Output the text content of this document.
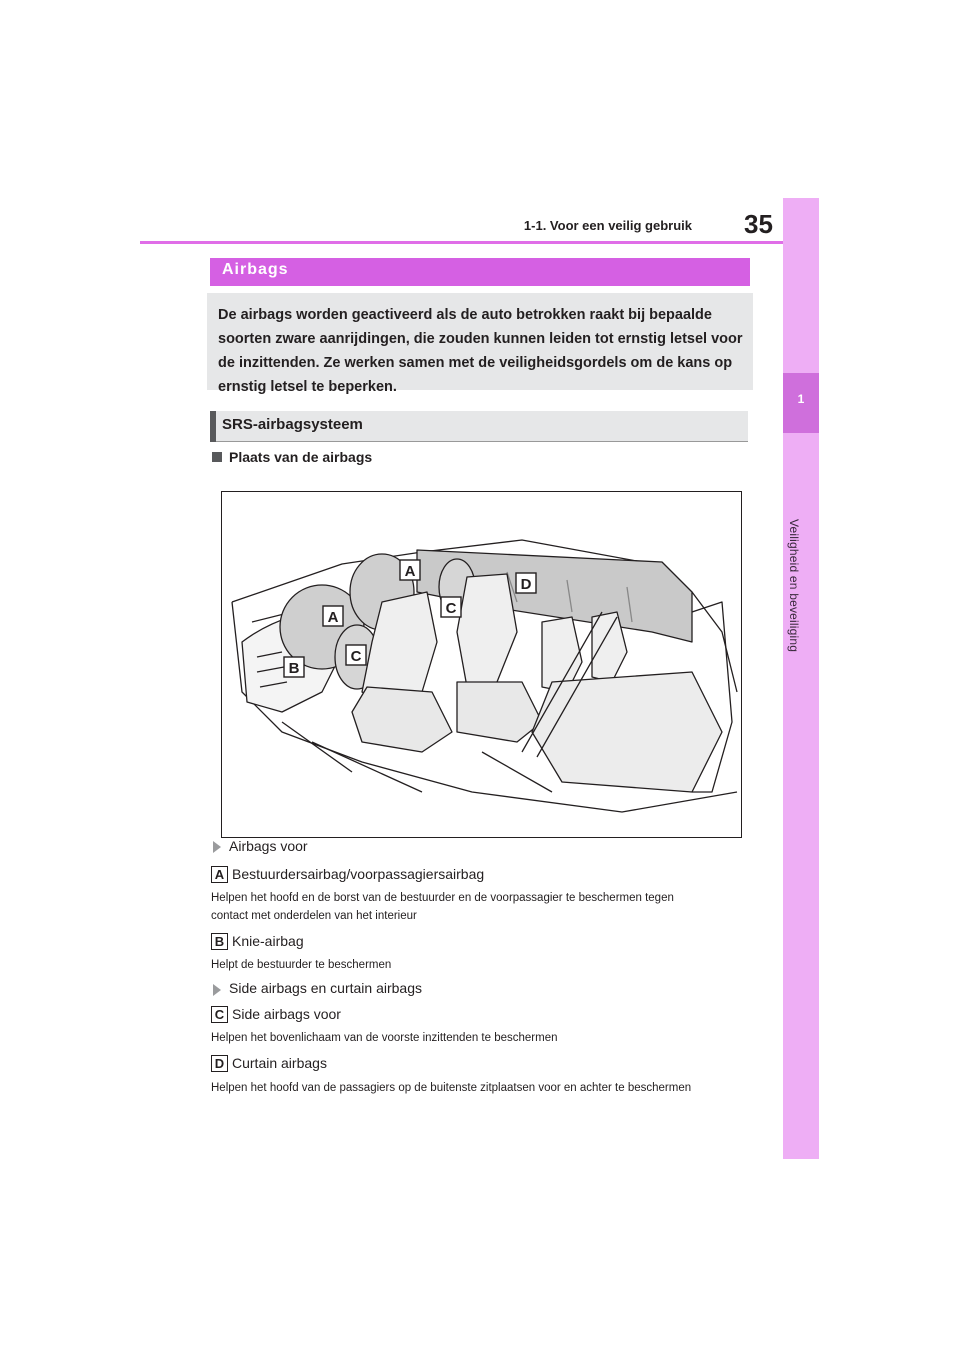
1-1. Voor een veilig gebruik 35
1
Veiligheid en beveiliging
Airbags
De airbags worden geactiveerd als de auto betrokken raakt bij bepaalde
soorten zware aanrijdingen, die zouden kunnen leiden tot ernstig letsel voor
de inzittenden. Ze werken samen met de veiligheidsgordels om de kans op
ernstig letsel te beperken.
SRS-airbagsysteem
Plaats van de airbags
A
A
B
C
C
D
Airbags voor
A Bestuurdersairbag/voorpassagiersairbag
Helpen het hoofd en de borst van de bestuurder en de voorpassagier te beschermen tegen
contact met onderdelen van het interieur
B Knie-airbag
Helpt de bestuurder te beschermen
Side airbags en curtain airbags
C Side airbags voor
Helpen het bovenlichaam van de voorste inzittenden te beschermen
D Curtain airbags
Helpen het hoofd van de passagiers op de buitenste zitplaatsen voor en achter te beschermen
